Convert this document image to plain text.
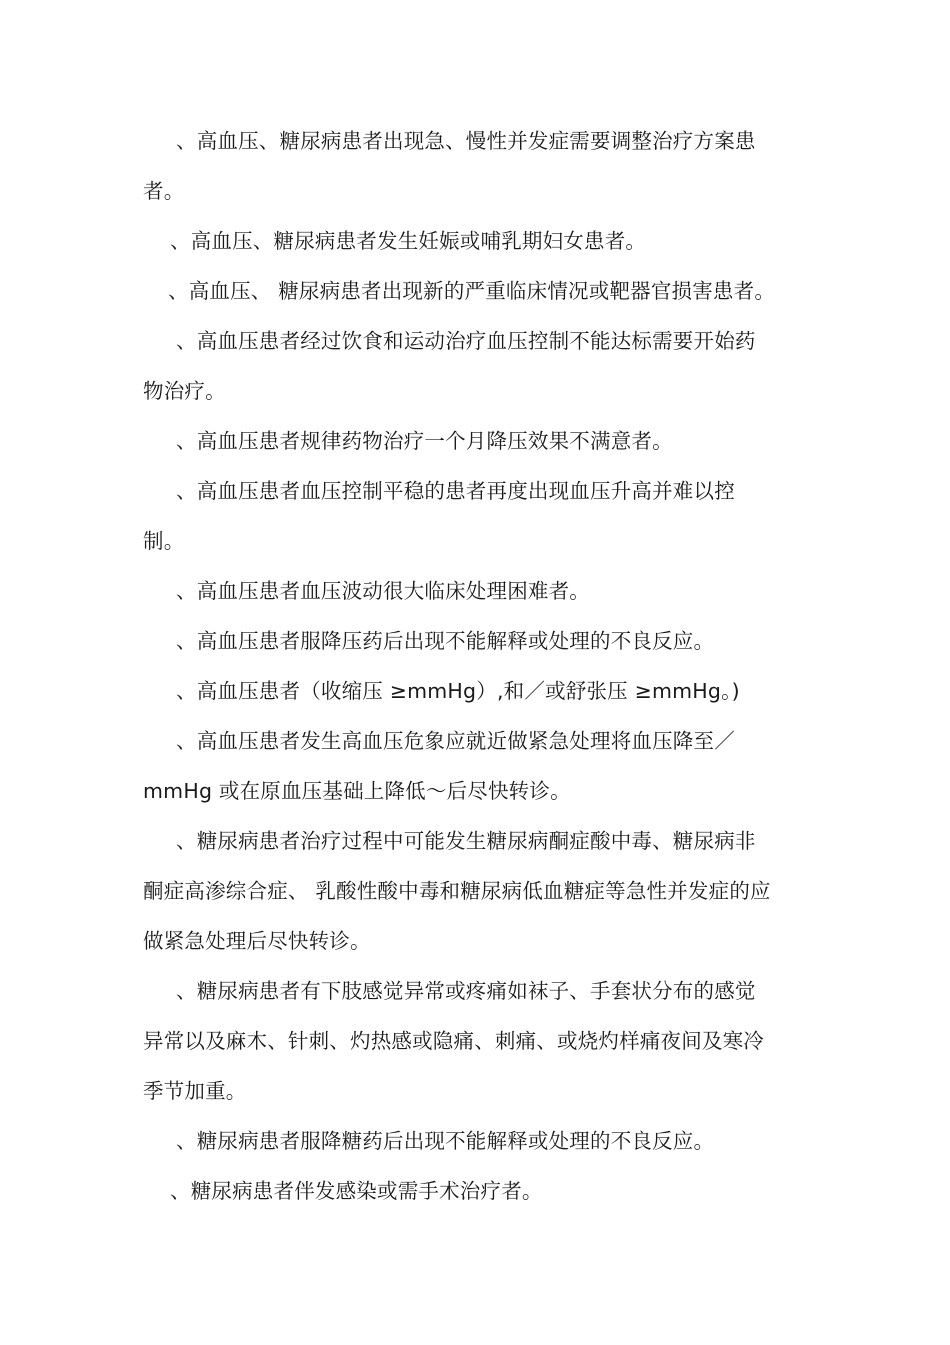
、高血压、糖尿病患者出现急、慢性并发症需要调整治疗方案患
者。
、高血压、糖尿病患者发生妊娠或哺乳期妇女患者。
、高血压、 糖尿病患者出现新的严重临床情况或靶器官损害患者。
、高血压患者经过饮食和运动治疗血压控制不能达标需要开始药
物治疗。
、高血压患者规律药物治疗一个月降压效果不满意者。
、高血压患者血压控制平稳的患者再度出现血压升高并难以控
制。
、高血压患者血压波动很大临床处理困难者。
、高血压患者服降压药后出现不能解释或处理的不良反应。
、高血压患者（收缩压 ≥mmHg）,和／或舒张压 ≥mmHg。)
、高血压患者发生高血压危象应就近做紧急处理将血压降至／
mmHg 或在原血压基础上降低～后尽快转诊。
、糖尿病患者治疗过程中可能发生糖尿病酮症酸中毒、糖尿病非
酮症高渗综合症、 乳酸性酸中毒和糖尿病低血糖症等急性并发症的应
做紧急处理后尽快转诊。
、糖尿病患者有下肢感觉异常或疼痛如袜子、手套状分布的感觉
异常以及麻木、针刺、灼热感或隐痛、刺痛、或烧灼样痛夜间及寒冷
季节加重。
、糖尿病患者服降糖药后出现不能解释或处理的不良反应。
、糖尿病患者伴发感染或需手术治疗者。
